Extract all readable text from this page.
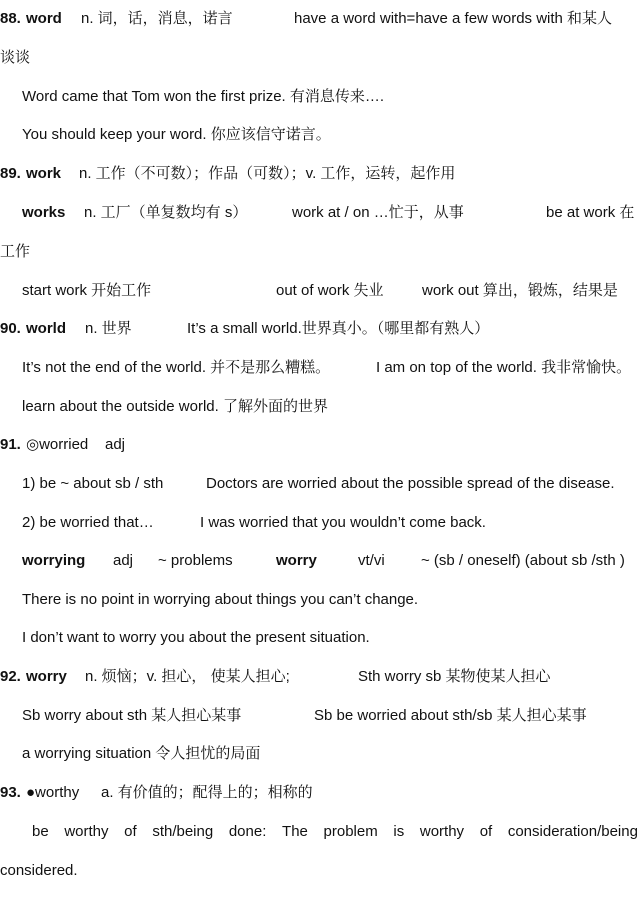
88. word n. 词，话，消息，诺言	have a word with=have a few words with 和某人
谈谈
Word came that Tom won the first prize. 有消息传来….
You should keep your word. 你应该信守诺言。
89. work n. 工作（不可数）；作品（可数）；v. 工作，运转，起作用
works n. 工厂（单复数均有 s）	work at / on …忙于，从事	be at work 在
工作
start work 开始工作	out of work 失业	work out 算出，锻炼，结果是
90. world n. 世界	It’s a small world.世界真小。（哪里都有熟人）
It’s not the end of the world. 并不是那么糟糕。	I am on top of the world. 我非常愉快。
learn about the outside world. 了解外面的世界
91. ◎worried adj
1) be ~ about sb / sth	Doctors are worried about the possible spread of the disease.
2) be worried that…	I was worried that you wouldn’t come back.
worrying adj ~ problems	worry	vt/vi ~ (sb / oneself) (about sb /sth )
There is no point in worrying about things you can’t change.
I don’t want to worry you about the present situation.
92. worry n. 烦恼；v. 担心， 使某人担心;	Sth worry sb 某物使某人担心
Sb worry about sth 某人担心某事	Sb be worried about sth/sb 某人担心某事
a worrying situation 令人担忧的局面
93. ●worthy a. 有价值的；配得上的；相称的
be worthy of sth/being done: The problem is worthy of consideration/being
considered.
